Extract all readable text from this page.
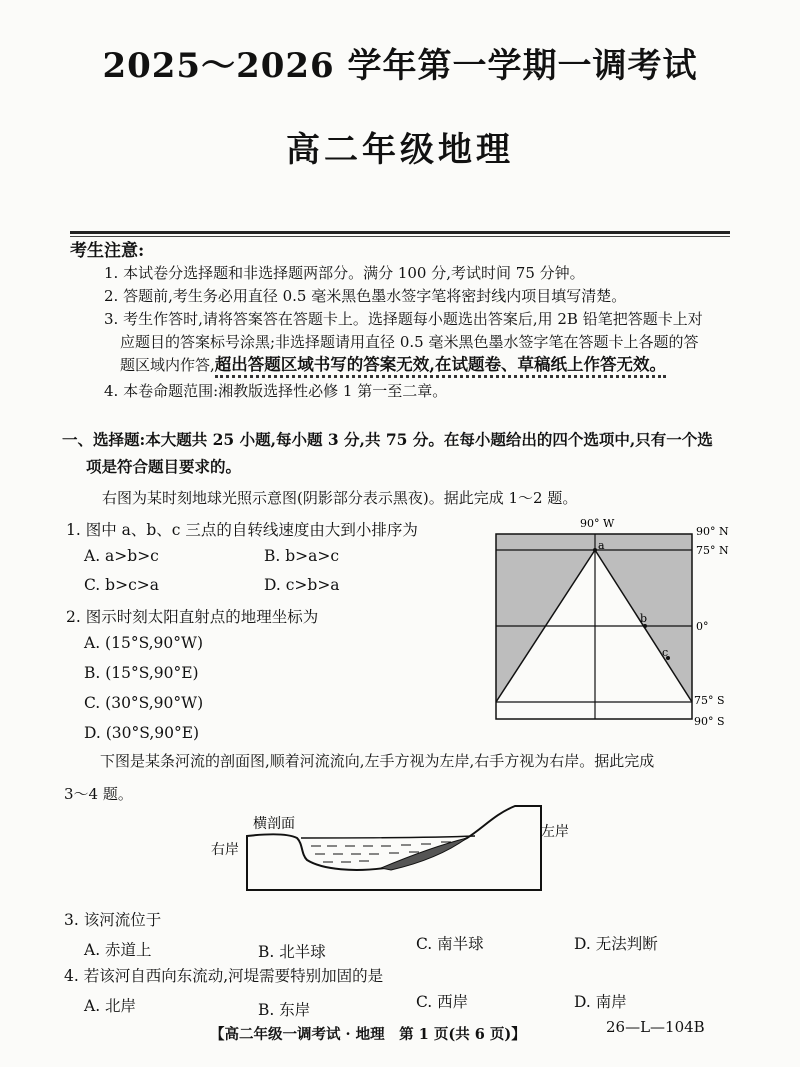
2025～2026 学年第一学期一调考试
高二年级地理
考生注意:
1. 本试卷分选择题和非选择题两部分。满分 100 分,考试时间 75 分钟。
2. 答题前,考生务必用直径 0.5 毫米黑色墨水签字笔将密封线内项目填写清楚。
3. 考生作答时,请将答案答在答题卡上。选择题每小题选出答案后,用 2B 铅笔把答题卡上对
应题目的答案标号涂黑;非选择题请用直径 0.5 毫米黑色墨水签字笔在答题卡上各题的答
题区域内作答,超出答题区域书写的答案无效,在试题卷、草稿纸上作答无效。
4. 本卷命题范围:湘教版选择性必修 1 第一至二章。
一、选择题:本大题共 25 小题,每小题 3 分,共 75 分。在每小题给出的四个选项中,只有一个选
项是符合题目要求的。
右图为某时刻地球光照示意图(阴影部分表示黑夜)。据此完成 1～2 题。
1. 图中 a、b、c 三点的自转线速度由大到小排序为
A. a>b>c	B. b>a>c
C. b>c>a	D. c>b>a
2. 图示时刻太阳直射点的地理坐标为
A. (15°S,90°W)
B. (15°S,90°E)
C. (30°S,90°W)
D. (30°S,90°E)
a
b
c
90° W
90° N
75° N
0°
75° S
90° S
下图是某条河流的剖面图,顺着河流流向,左手方视为左岸,右手方视为右岸。据此完成
3～4 题。
横剖面
右岸
左岸
3. 该河流位于
A. 赤道上	B. 北半球	C. 南半球	D. 无法判断
4. 若该河自西向东流动,河堤需要特别加固的是
A. 北岸	B. 东岸	C. 西岸	D. 南岸
【高二年级一调考试 · 地理　第 1 页(共 6 页)】	26—L—104B
